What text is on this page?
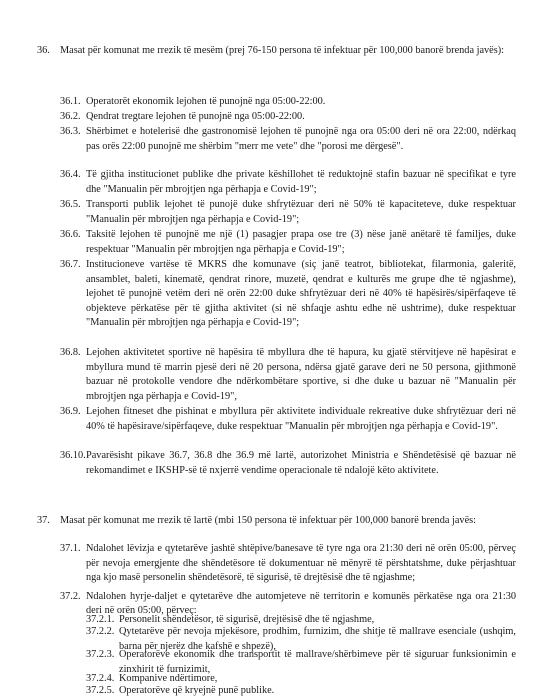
36. Masat për komunat me rrezik të mesëm (prej 76-150 persona të infektuar për 100,000 banorë brenda javës):
36.1. Operatorët ekonomik lejohen të punojnë nga 05:00-22:00.
36.2. Qendrat tregtare lejohen të punojnë nga 05:00-22:00.
36.3. Shërbimet e hotelerisë dhe gastronomisë lejohen të punojnë nga ora 05:00 deri në ora 22:00, ndërkaq pas orës 22:00 punojnë me shërbim "merr me vete" dhe "porosi me dërgesë".
36.4. Të gjitha institucionet publike dhe private këshillohet të reduktojnë stafin bazuar në specifikat e tyre dhe "Manualin për mbrojtjen nga përhapja e Covid-19";
36.5. Transporti publik lejohet të punojë duke shfrytëzuar deri në 50% të kapaciteteve, duke respektuar "Manualin për mbrojtjen nga përhapja e Covid-19";
36.6. Taksitë lejohen të punojnë me një (1) pasagjer prapa ose tre (3) nëse janë anëtarë të familjes, duke respektuar "Manualin për mbrojtjen nga përhapja e Covid-19";
36.7. Institucioneve vartëse të MKRS dhe komunave (siç janë teatrot, bibliotekat, filarmonia, galeritë, ansamblet, baleti, kinematë, qendrat rinore, muzetë, qendrat e kulturës me grupe dhe të ngjashme), lejohet të punojnë vetëm deri në orën 22:00 duke shfrytëzuar deri në 40% të hapësirës/sipërfaqeve të objekteve përkatëse për të gjitha aktivitet (si në shfaqje ashtu edhe në ushtrime), duke respektuar "Manualin për mbrojtjen nga përhapja e Covid-19";
36.8. Lejohen aktivitetet sportive në hapësira të mbyllura dhe të hapura, ku gjatë stërvitjeve në hapësirat e mbyllura mund të marrin pjesë deri në 20 persona, ndërsa gjatë garave deri ne 50 persona, gjithmonë bazuar në protokolle vendore dhe ndërkombëtare sportive, si dhe duke u bazuar në "Manualin për mbrojtjen nga përhapja e Covid-19",
36.9. Lejohen fitneset dhe pishinat e mbyllura për aktivitete individuale rekreative duke shfrytëzuar deri në 40% të hapësirave/sipërfaqeve, duke respektuar "Manualin për mbrojtjen nga përhapja e Covid-19".
36.10. Pavarësisht pikave 36.7, 36.8 dhe 36.9 më lartë, autorizohet Ministria e Shëndetësisë që bazuar në rekomandimet e IKSHP-së të nxjerrë vendime operacionale të ndalojë këto aktivitete.
37. Masat për komunat me rrezik të lartë (mbi 150 persona të infektuar për 100,000 banorë brenda javës:
37.1. Ndalohet lëvizja e qytetarëve jashtë shtëpive/banesave të tyre nga ora 21:30 deri në orën 05:00, përveç për nevoja emergjente dhe shëndetësore të dokumentuar në mënyrë të përshtatshme, duke përjashtuar nga kjo masë personelin shëndetësorë, të sigurisë, të drejtësisë dhe të ngjashme;
37.2. Ndalohen hyrje-daljet e qytetarëve dhe automjeteve në territorin e komunës përkatëse nga ora 21:30 deri në orën 05:00, përveç:
37.2.1. Personelit shëndetësor, të sigurisë, drejtësisë dhe të ngjashme,
37.2.2. Qytetarëve për nevoja mjekësore, prodhim, furnizim, dhe shitje të mallrave esenciale (ushqim, barna për njerëz dhe kafshë e shpezë),
37.2.3. Operatorëve ekonomik dhe transportit të mallrave/shërbimeve për të siguruar funksionimin e zinxhirit të furnizimit,
37.2.4. Kompanive ndërtimore,
37.2.5. Operatorëve që kryejnë punë publike.
